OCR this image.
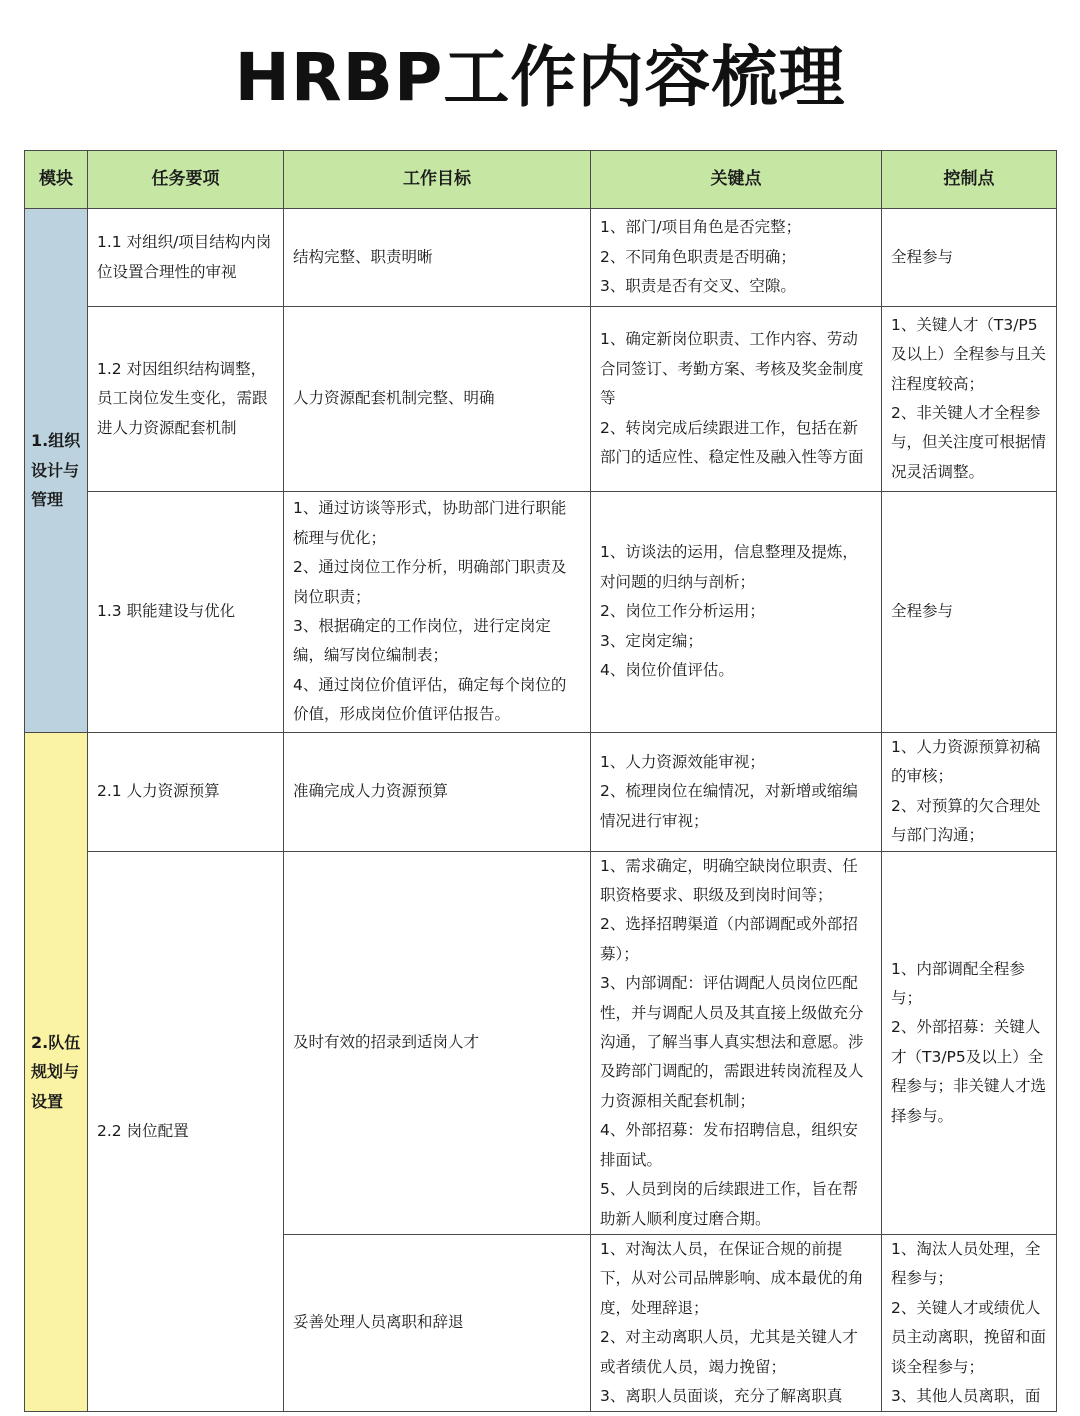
HRBP工作内容梳理
模块	任务要项	工作目标	关键点	控制点
1.组织设计与管理	1.1 对组织/项目结构内岗位设置合理性的审视	结构完整、职责明晰	1、部门/项目角色是否完整；
2、不同角色职责是否明确；
3、职责是否有交叉、空隙。	全程参与

	1.2 对因组织结构调整，员工岗位发生变化，需跟进人力资源配套机制	人力资源配套机制完整、明确	1、确定新岗位职责、工作内容、劳动合同签订、考勤方案、考核及奖金制度等
2、转岗完成后续跟进工作，包括在新部门的适应性、稳定性及融入性等方面	1、关键人才（T3/P5及以上）全程参与且关注程度较高；
2、非关键人才全程参与，但关注度可根据情况灵活调整。

	1.3 职能建设与优化	1、通过访谈等形式，协助部门进行职能梳理与优化；
2、通过岗位工作分析，明确部门职责及岗位职责；
3、根据确定的工作岗位，进行定岗定编，编写岗位编制表；
4、通过岗位价值评估，确定每个岗位的价值，形成岗位价值评估报告。	1、访谈法的运用，信息整理及提炼，对问题的归纳与剖析；
2、岗位工作分析运用；
3、定岗定编；
4、岗位价值评估。	全程参与

2.队伍规划与设置	2.1 人力资源预算	准确完成人力资源预算	1、人力资源效能审视；
2、梳理岗位在编情况，对新增或缩编情况进行审视；	1、人力资源预算初稿的审核；
2、对预算的欠合理处与部门沟通；

	2.2 岗位配置	及时有效的招录到适岗人才	1、需求确定，明确空缺岗位职责、任职资格要求、职级及到岗时间等；
2、选择招聘渠道（内部调配或外部招募）；
3、内部调配：评估调配人员岗位匹配性，并与调配人员及其直接上级做充分沟通，了解当事人真实想法和意愿。涉及跨部门调配的，需跟进转岗流程及人力资源相关配套机制；
4、外部招募：发布招聘信息，组织安排面试。
5、人员到岗的后续跟进工作，旨在帮助新人顺利度过磨合期。	1、内部调配全程参与；
2、外部招募：关键人才（T3/P5及以上）全程参与；非关键人才选择参与。

		妥善处理人员离职和辞退	1、对淘汰人员，在保证合规的前提下，从对公司品牌影响、成本最优的角度，处理辞退；
2、对主动离职人员，尤其是关键人才或者绩优人员，竭力挽留；
3、离职人员面谈，充分了解离职真	1、淘汰人员处理，全程参与；
2、关键人才或绩优人员主动离职，挽留和面谈全程参与；
3、其他人员离职，面
